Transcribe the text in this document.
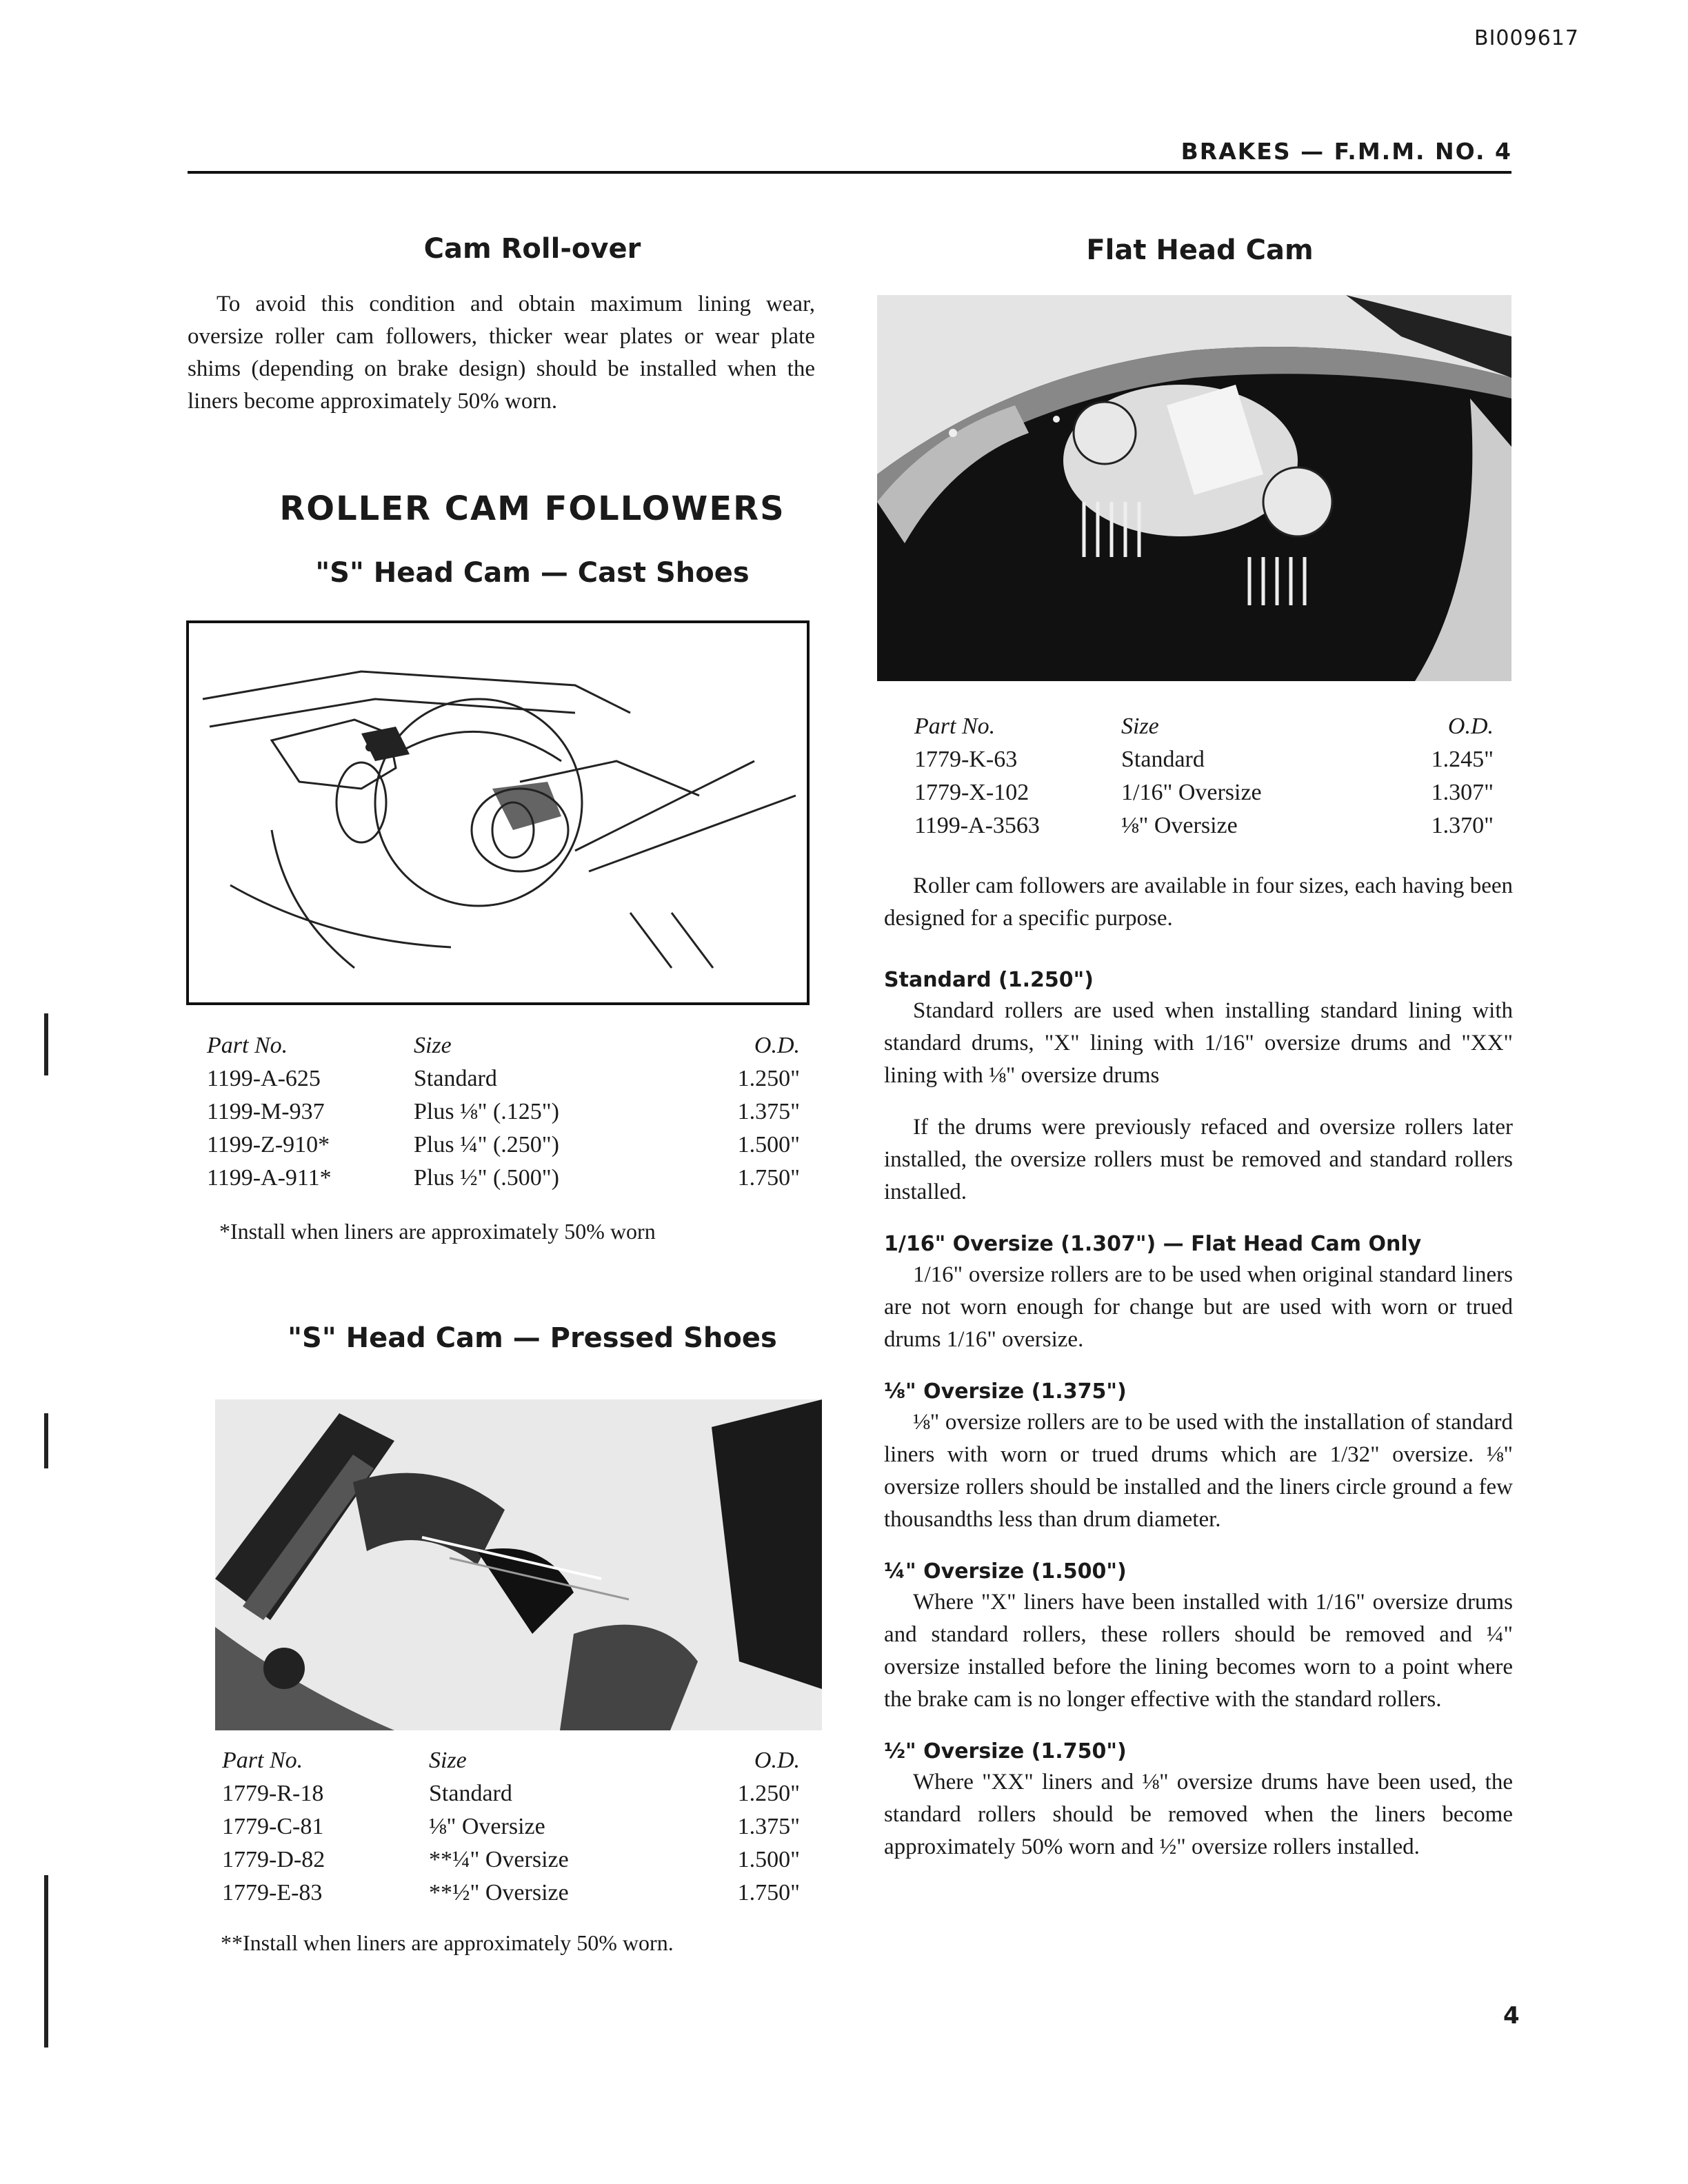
BI009617
BRAKES — F.M.M. NO. 4
Cam Roll-over
To avoid this condition and obtain maximum lining wear, oversize roller cam followers, thicker wear plates or wear plate shims (depending on brake design) should be installed when the liners become approximately 50% worn.
ROLLER CAM FOLLOWERS
"S" Head Cam — Cast Shoes
Part No.	Size	O.D.
1199-A-625	Standard	1.250"
1199-M-937	Plus ⅛" (.125")	1.375"
1199-Z-910*	Plus ¼" (.250")	1.500"
1199-A-911*	Plus ½" (.500")	1.750"
*Install when liners are approximately 50% worn
"S" Head Cam — Pressed Shoes
Part No.	Size	O.D.
1779-R-18	Standard	1.250"
1779-C-81	⅛" Oversize	1.375"
1779-D-82	**¼" Oversize	1.500"
1779-E-83	**½" Oversize	1.750"
**Install when liners are approximately 50% worn.
Flat Head Cam
Part No.	Size	O.D.
1779-K-63	Standard	1.245"
1779-X-102	1/16" Oversize	1.307"
1199-A-3563	⅛" Oversize	1.370"
Roller cam followers are available in four sizes, each having been designed for a specific purpose.
Standard (1.250")
Standard rollers are used when installing standard lining with standard drums, "X" lining with 1/16" oversize drums and "XX" lining with ⅛" oversize drums
If the drums were previously refaced and oversize rollers later installed, the oversize rollers must be removed and standard rollers installed.
1/16" Oversize (1.307") — Flat Head Cam Only
1/16" oversize rollers are to be used when original standard liners are not worn enough for change but are used with worn or trued drums 1/16" oversize.
⅛" Oversize (1.375")
⅛" oversize rollers are to be used with the installation of standard liners with worn or trued drums which are 1/32" oversize. ⅛" oversize rollers should be installed and the liners circle ground a few thousandths less than drum diameter.
¼" Oversize (1.500")
Where "X" liners have been installed with 1/16" oversize drums and standard rollers, these rollers should be removed and ¼" oversize installed before the lining becomes worn to a point where the brake cam is no longer effective with the standard rollers.
½" Oversize (1.750")
Where "XX" liners and ⅛" oversize drums have been used, the standard rollers should be removed when the liners become approximately 50% worn and ½" oversize rollers installed.
4
